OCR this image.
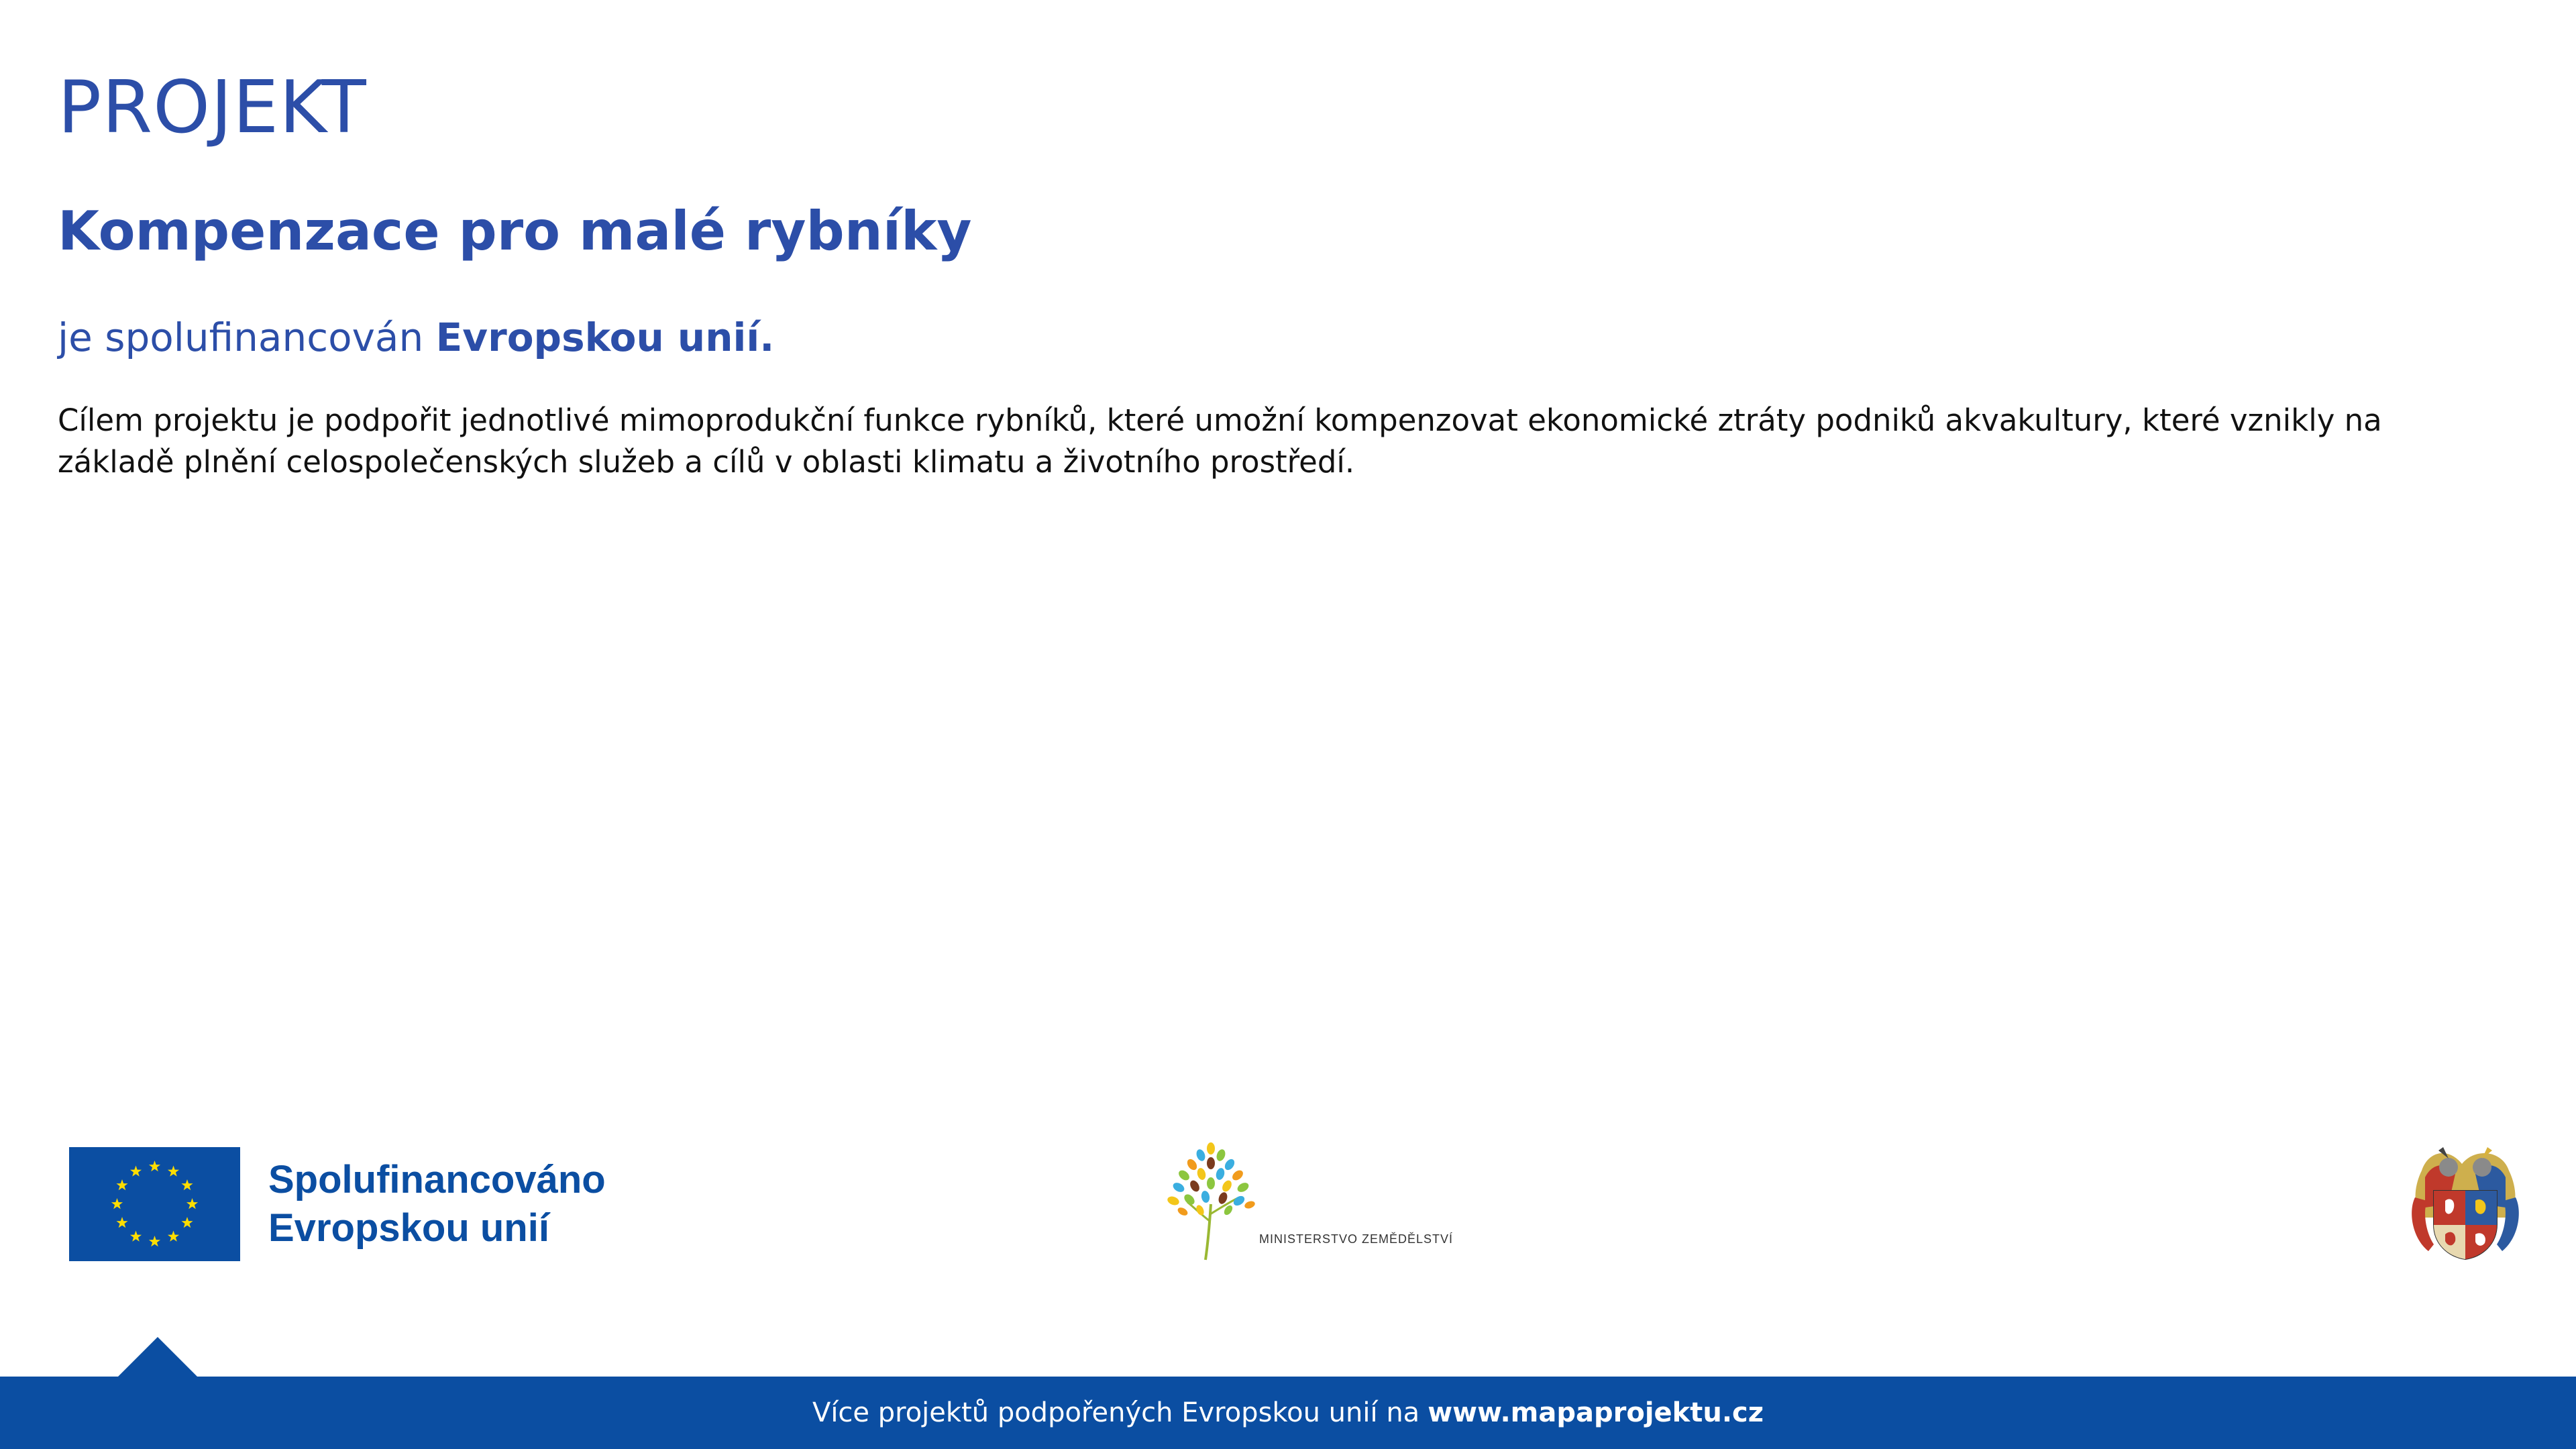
PROJEKT
Kompenzace pro malé rybníky
je spolufinancován Evropskou unií.
Cílem projektu je podpořit jednotlivé mimoprodukční funkce rybníků, které umožní kompenzovat ekonomické ztráty podniků akvakultury, které vznikly na základě plnění celospolečenských služeb a cílů v oblasti klimatu a životního prostředí.
Spolufinancováno
Evropskou unií	MINISTERSTVO ZEMĚDĚLSTVÍ
Více projektů podpořených Evropskou unií na www.mapaprojektu.cz
